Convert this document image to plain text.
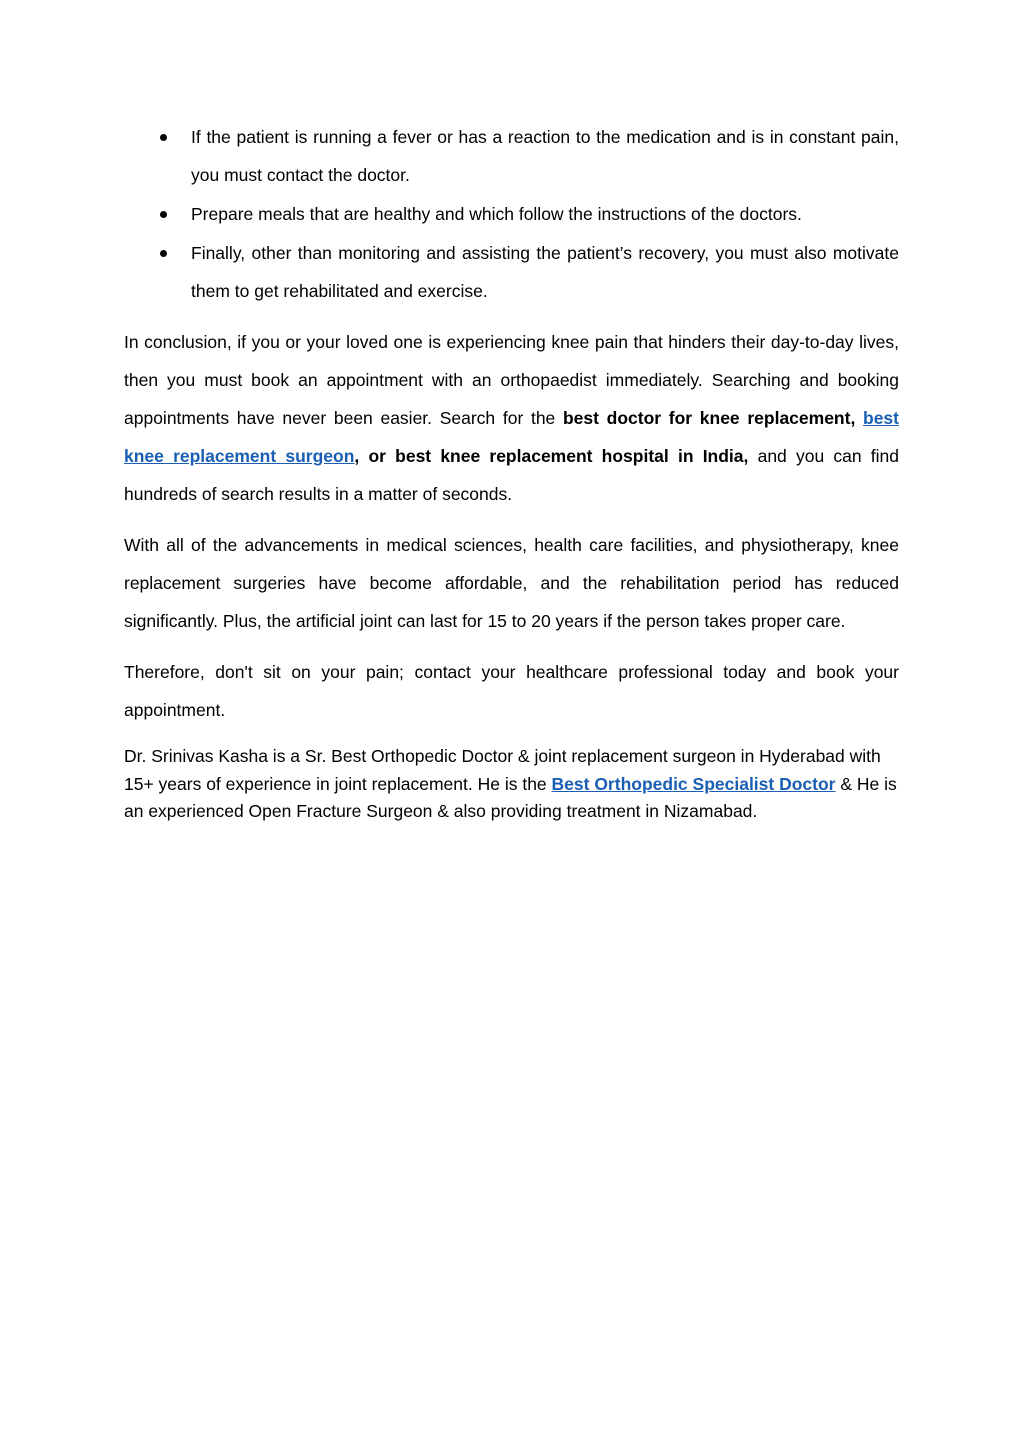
If the patient is running a fever or has a reaction to the medication and is in constant pain, you must contact the doctor.
Prepare meals that are healthy and which follow the instructions of the doctors.
Finally, other than monitoring and assisting the patient’s recovery, you must also motivate them to get rehabilitated and exercise.

In conclusion, if you or your loved one is experiencing knee pain that hinders their day-to-day lives, then you must book an appointment with an orthopaedist immediately. Searching and booking appointments have never been easier. Search for the best doctor for knee replacement, best knee replacement surgeon, or best knee replacement hospital in India, and you can find hundreds of search results in a matter of seconds.

With all of the advancements in medical sciences, health care facilities, and physiotherapy, knee replacement surgeries have become affordable, and the rehabilitation period has reduced significantly. Plus, the artificial joint can last for 15 to 20 years if the person takes proper care.

Therefore, don't sit on your pain; contact your healthcare professional today and book your appointment.

Dr. Srinivas Kasha is a Sr. Best Orthopedic Doctor & joint replacement surgeon in Hyderabad with 15+ years of experience in joint replacement. He is the Best Orthopedic Specialist Doctor & He is an experienced Open Fracture Surgeon & also providing treatment in Nizamabad.
